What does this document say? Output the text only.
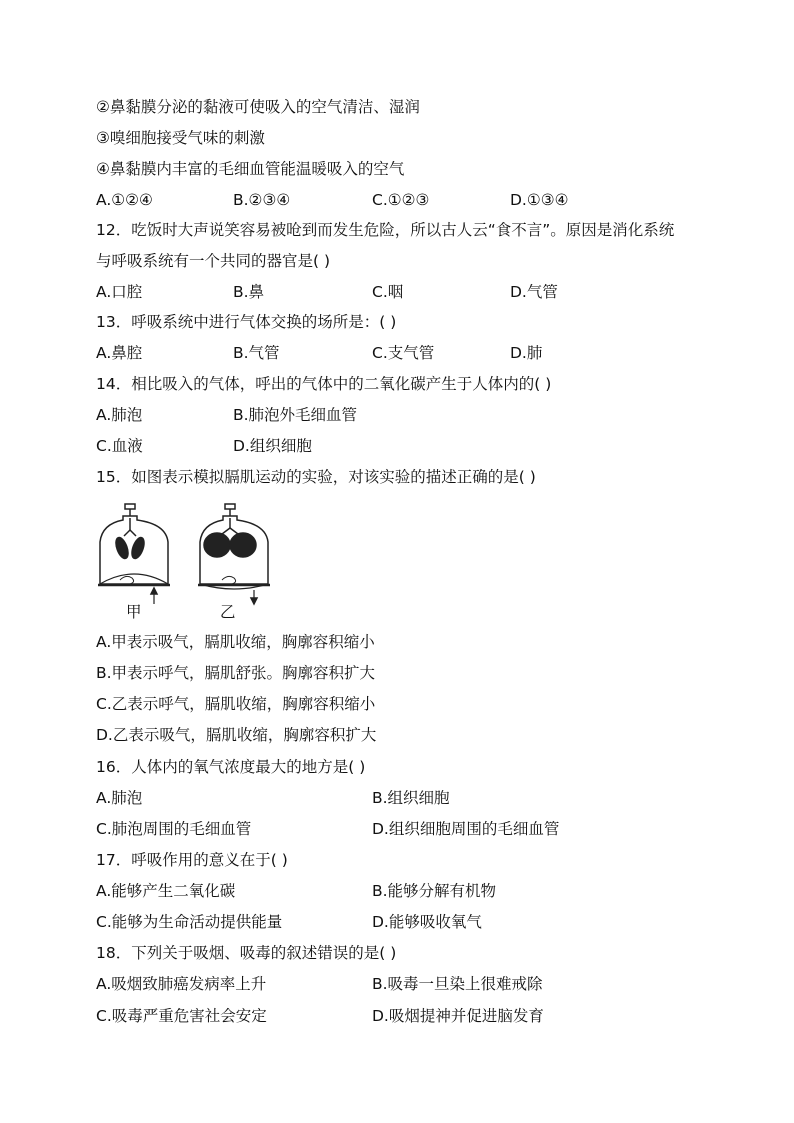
②鼻黏膜分泌的黏液可使吸入的空气清洁、湿润
③嗅细胞接受气味的刺激
④鼻黏膜内丰富的毛细血管能温暖吸入的空气
A.①②④	B.②③④	C.①②③	D.①③④
12．吃饭时大声说笑容易被呛到而发生危险，所以古人云“食不言”。原因是消化系统
与呼吸系统有一个共同的器官是( )
A.口腔	B.鼻	C.咽	D.气管
13．呼吸系统中进行气体交换的场所是：( )
A.鼻腔	B.气管	C.支气管	D.肺
14．相比吸入的气体，呼出的气体中的二氧化碳产生于人体内的( )
A.肺泡	B.肺泡外毛细血管
C.血液	D.组织细胞
15．如图表示模拟膈肌运动的实验，对该实验的描述正确的是( )
甲	乙
A.甲表示吸气，膈肌收缩，胸廓容积缩小
B.甲表示呼气，膈肌舒张。胸廓容积扩大
C.乙表示呼气，膈肌收缩，胸廓容积缩小
D.乙表示吸气，膈肌收缩，胸廓容积扩大
16．人体内的氧气浓度最大的地方是( )
A.肺泡	B.组织细胞
C.肺泡周围的毛细血管	D.组织细胞周围的毛细血管
17．呼吸作用的意义在于( )
A.能够产生二氧化碳	B.能够分解有机物
C.能够为生命活动提供能量	D.能够吸收氧气
18．下列关于吸烟、吸毒的叙述错误的是( )
A.吸烟致肺癌发病率上升	B.吸毒一旦染上很难戒除
C.吸毒严重危害社会安定	D.吸烟提神并促进脑发育
